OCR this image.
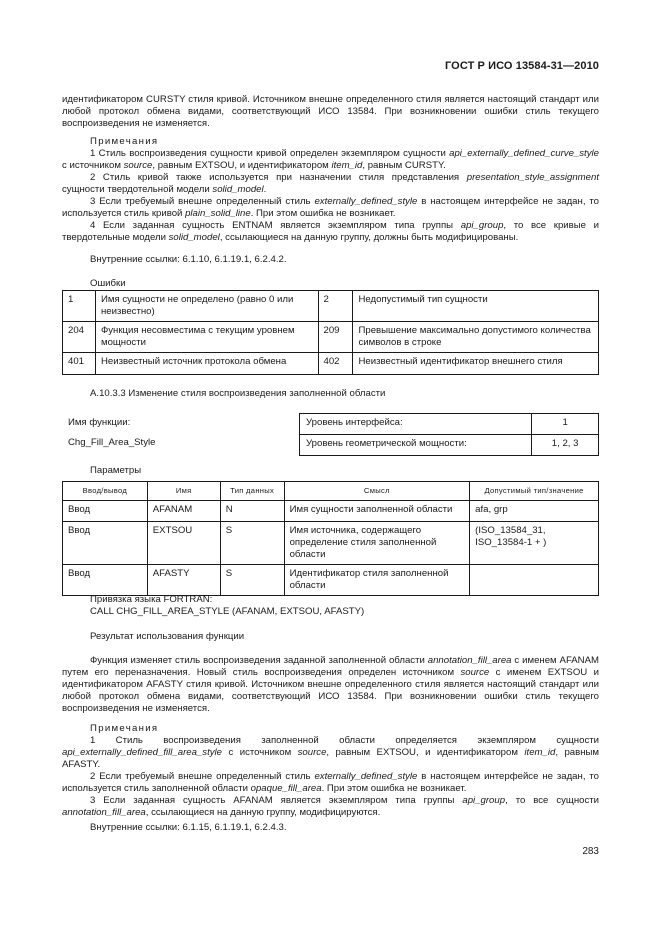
ГОСТ Р ИСО 13584-31—2010

идентификатором CURSTY стиля кривой. Источником внешне определенного стиля является настоящий стандарт или любой протокол обмена видами, соответствующий ИСО 13584. При возникновении ошибки стиль текущего воспроизведения не изменяется.

Примечания

1 Стиль воспроизведения сущности кривой определен экземпляром сущности api_externally_defined_curve_style с источником source, равным EXTSOU, и идентификатором item_id, равным CURSTY.

2 Стиль кривой также используется при назначении стиля представления presentation_style_assignment сущности твердотельной модели solid_model.

3 Если требуемый внешне определенный стиль externally_defined_style в настоящем интерфейсе не задан, то используется стиль кривой plain_solid_line. При этом ошибка не возникает.

4 Если заданная сущность ENTNAM является экземпляром типа группы api_group, то все кривые и твердотельные модели solid_model, ссылающиеся на данную группу, должны быть модифицированы.

Внутренние ссылки: 6.1.10, 6.1.19.1, 6.2.4.2.
Ошибки
1	Имя сущности не определено (равно 0 или неизвестно)	2	Недопустимый тип сущности
204	Функция несовместима с текущим уровнем мощности	209	Превышение максимально допустимого количества символов в строке
401	Неизвестный источник протокола обмена	402	Неизвестный идентификатор внешнего стиля
A.10.3.3 Изменение стиля воспроизведения заполненной области
Имя функции:
Chg_Fill_Area_Style
Уровень интерфейса:	1
Уровень геометрической мощности:	1, 2, 3
Параметры
Ввод/вывод	Имя	Тип данных	Смысл	Допустимый тип/значение
Ввод	AFANAM	N	Имя сущности заполненной области	afa, grp
Ввод	EXTSOU	S	Имя источника, содержащего определение стиля заполненной области	(ISO_13584_31, ISO_13584-1 + )
Ввод	AFASTY	S	Идентификатор стиля заполненной области	
Привязка языка FORTRAN:
CALL CHG_FILL_AREA_STYLE (AFANAM, EXTSOU, AFASTY)
Результат использования функции

Функция изменяет стиль воспроизведения заданной заполненной области annotation_fill_area с именем AFANAM путем его переназначения. Новый стиль воспроизведения определен источником source с именем EXTSOU и идентификатором AFASTY стиля кривой. Источником внешне определенного стиля является настоящий стандарт или любой протокол обмена видами, соответствующий ИСО 13584. При возникновении ошибки стиль текущего воспроизведения не изменяется.

Примечания

1 Стиль воспроизведения заполненной области определяется экземпляром сущности api_externally_defined_fill_area_style с источником source, равным EXTSOU, и идентификатором item_id, равным AFASTY.

2 Если требуемый внешне определенный стиль externally_defined_style в настоящем интерфейсе не задан, то используется стиль заполненной области opaque_fill_area. При этом ошибка не возникает.

3 Если заданная сущность AFANAM является экземпляром типа группы api_group, то все сущности annotation_fill_area, ссылающиеся на данную группу, модифицируются.

Внутренние ссылки: 6.1.15, 6.1.19.1, 6.2.4.3.
283
